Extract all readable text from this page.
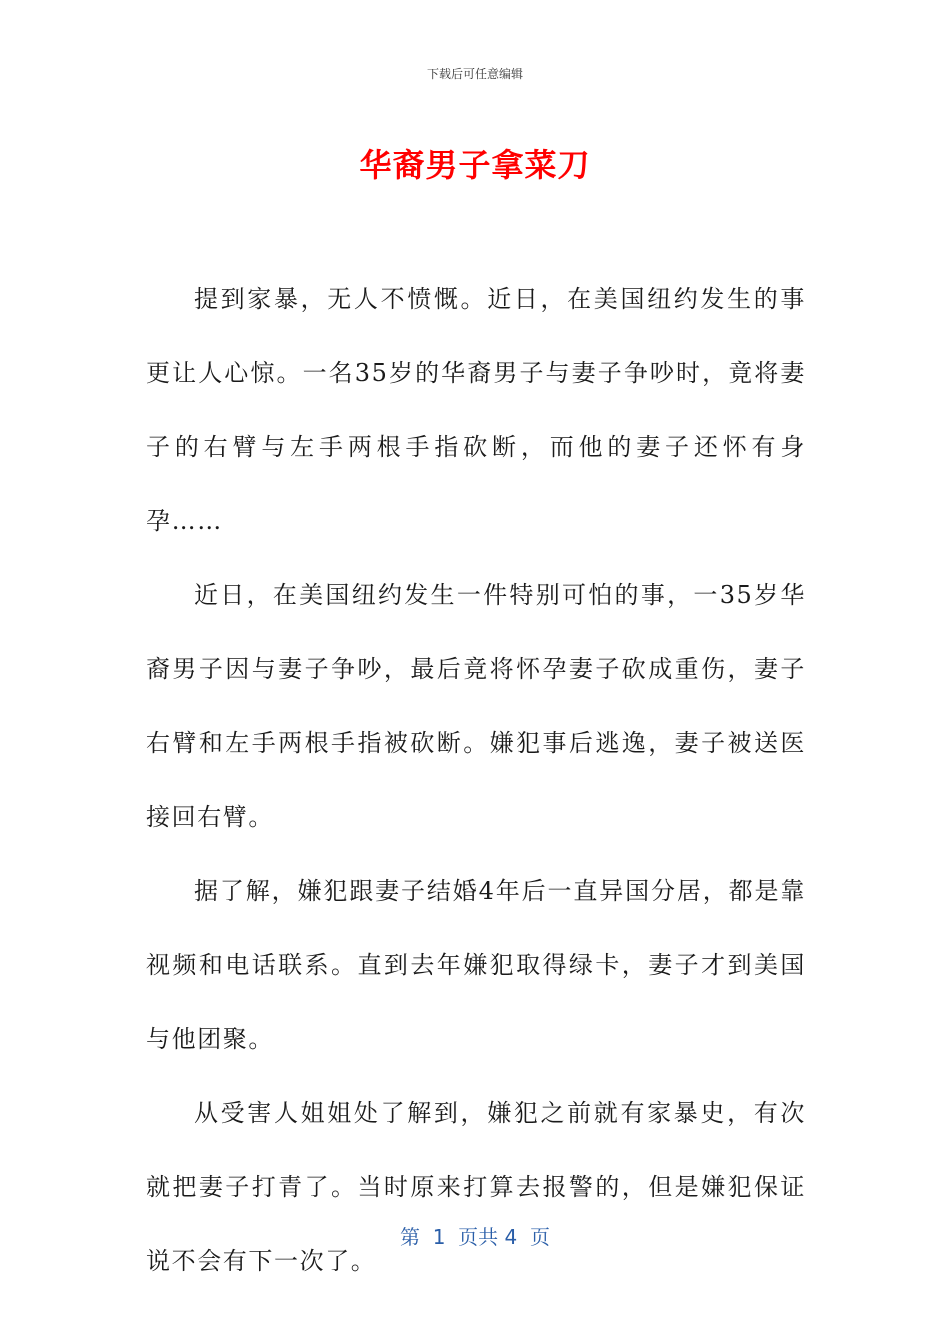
下载后可任意编辑
华裔男子拿菜刀

提到家暴，无人不愤慨。近日，在美国纽约发生的事更让人心惊。一名35岁的华裔男子与妻子争吵时，竟将妻子的右臂与左手两根手指砍断，而他的妻子还怀有身孕……

近日，在美国纽约发生一件特别可怕的事，一35岁华裔男子因与妻子争吵，最后竟将怀孕妻子砍成重伤，妻子右臂和左手两根手指被砍断。嫌犯事后逃逸，妻子被送医接回右臂。

据了解，嫌犯跟妻子结婚4年后一直异国分居，都是靠视频和电话联系。直到去年嫌犯取得绿卡，妻子才到美国与他团聚。

从受害人姐姐处了解到，嫌犯之前就有家暴史，有次就把妻子打青了。当时原来打算去报警的，但是嫌犯保证说不会有下一次了。

第  1  页共 4  页
